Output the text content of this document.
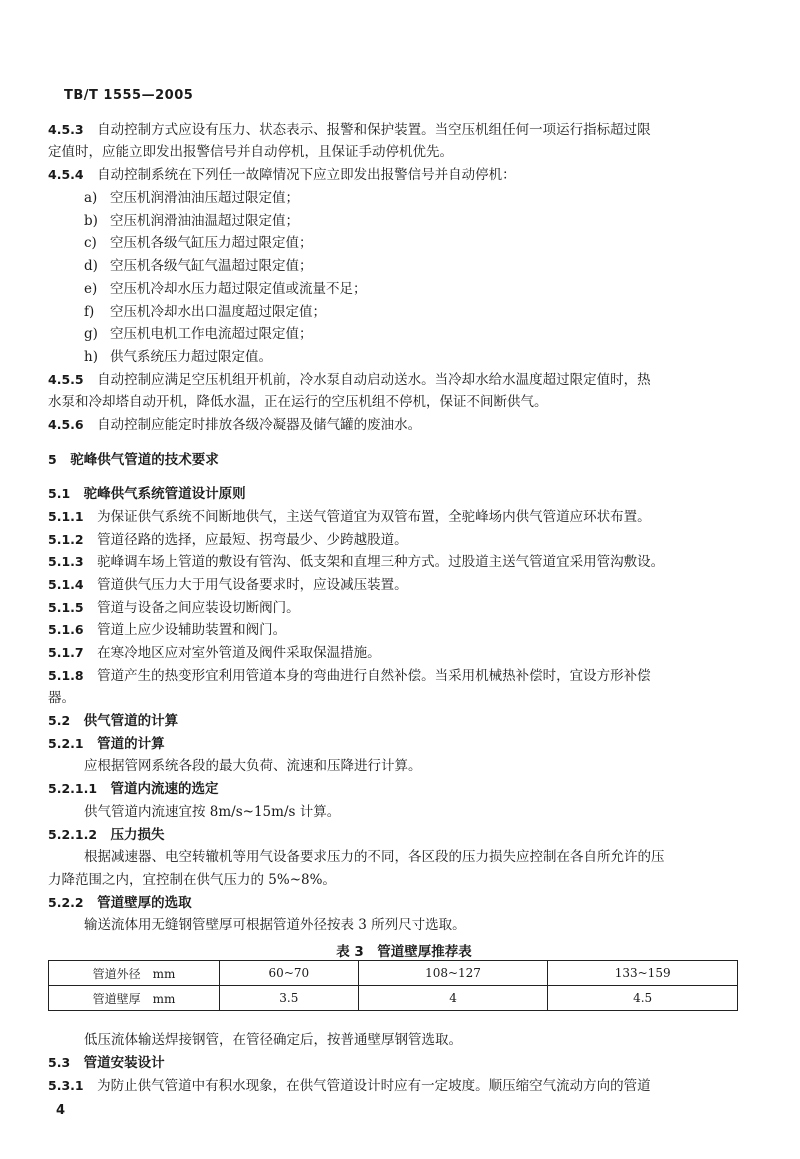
TB/T 1555—2005
4.5.3　 自动控制方式应设有压力、状态表示、报警和保护装置。当空压机组任何一项运行指标超过限
定值时，应能立即发出报警信号并自动停机，且保证手动停机优先。
4.5.4　 自动控制系统在下列任一故障情况下应立即发出报警信号并自动停机：
a) 空压机润滑油油压超过限定值；
b) 空压机润滑油油温超过限定值；
c) 空压机各级气缸压力超过限定值；
d) 空压机各级气缸气温超过限定值；
e) 空压机冷却水压力超过限定值或流量不足；
f) 空压机冷却水出口温度超过限定值；
g) 空压机电机工作电流超过限定值；
h) 供气系统压力超过限定值。
4.5.5　 自动控制应满足空压机组开机前，冷水泵自动启动送水。当冷却水给水温度超过限定值时，热
水泵和冷却塔自动开机，降低水温，正在运行的空压机组不停机，保证不间断供气。
4.5.6　 自动控制应能定时排放各级冷凝器及储气罐的废油水。
5　 驼峰供气管道的技术要求
5.1　 驼峰供气系统管道设计原则
5.1.1　 为保证供气系统不间断地供气，主送气管道宜为双管布置，全驼峰场内供气管道应环状布置。
5.1.2　 管道径路的选择，应最短、拐弯最少、少跨越股道。
5.1.3　 驼峰调车场上管道的敷设有管沟、低支架和直埋三种方式。过股道主送气管道宜采用管沟敷设。
5.1.4　 管道供气压力大于用气设备要求时，应设减压装置。
5.1.5　 管道与设备之间应装设切断阀门。
5.1.6　 管道上应少设辅助装置和阀门。
5.1.7　 在寒冷地区应对室外管道及阀件采取保温措施。
5.1.8　 管道产生的热变形宜利用管道本身的弯曲进行自然补偿。当采用机械热补偿时，宜设方形补偿
器。
5.2　 供气管道的计算
5.2.1　 管道的计算
应根据管网系统各段的最大负荷、流速和压降进行计算。
5.2.1.1　 管道内流速的选定
供气管道内流速宜按 8m/s~15m/s 计算。
5.2.1.2　 压力损失
根据减速器、电空转辙机等用气设备要求压力的不同，各区段的压力损失应控制在各自所允许的压
力降范围之内，宜控制在供气压力的 5%~8%。
5.2.2　 管道壁厚的选取
输送流体用无缝钢管壁厚可根据管道外径按表 3 所列尺寸选取。
表 3　管道壁厚推荐表
管道外径　mm	60~70	108~127	133~159
管道壁厚　mm	3.5	4	4.5
低压流体输送焊接钢管，在管径确定后，按普通壁厚钢管选取。
5.3　 管道安装设计
5.3.1　 为防止供气管道中有积水现象，在供气管道设计时应有一定坡度。顺压缩空气流动方向的管道
4
